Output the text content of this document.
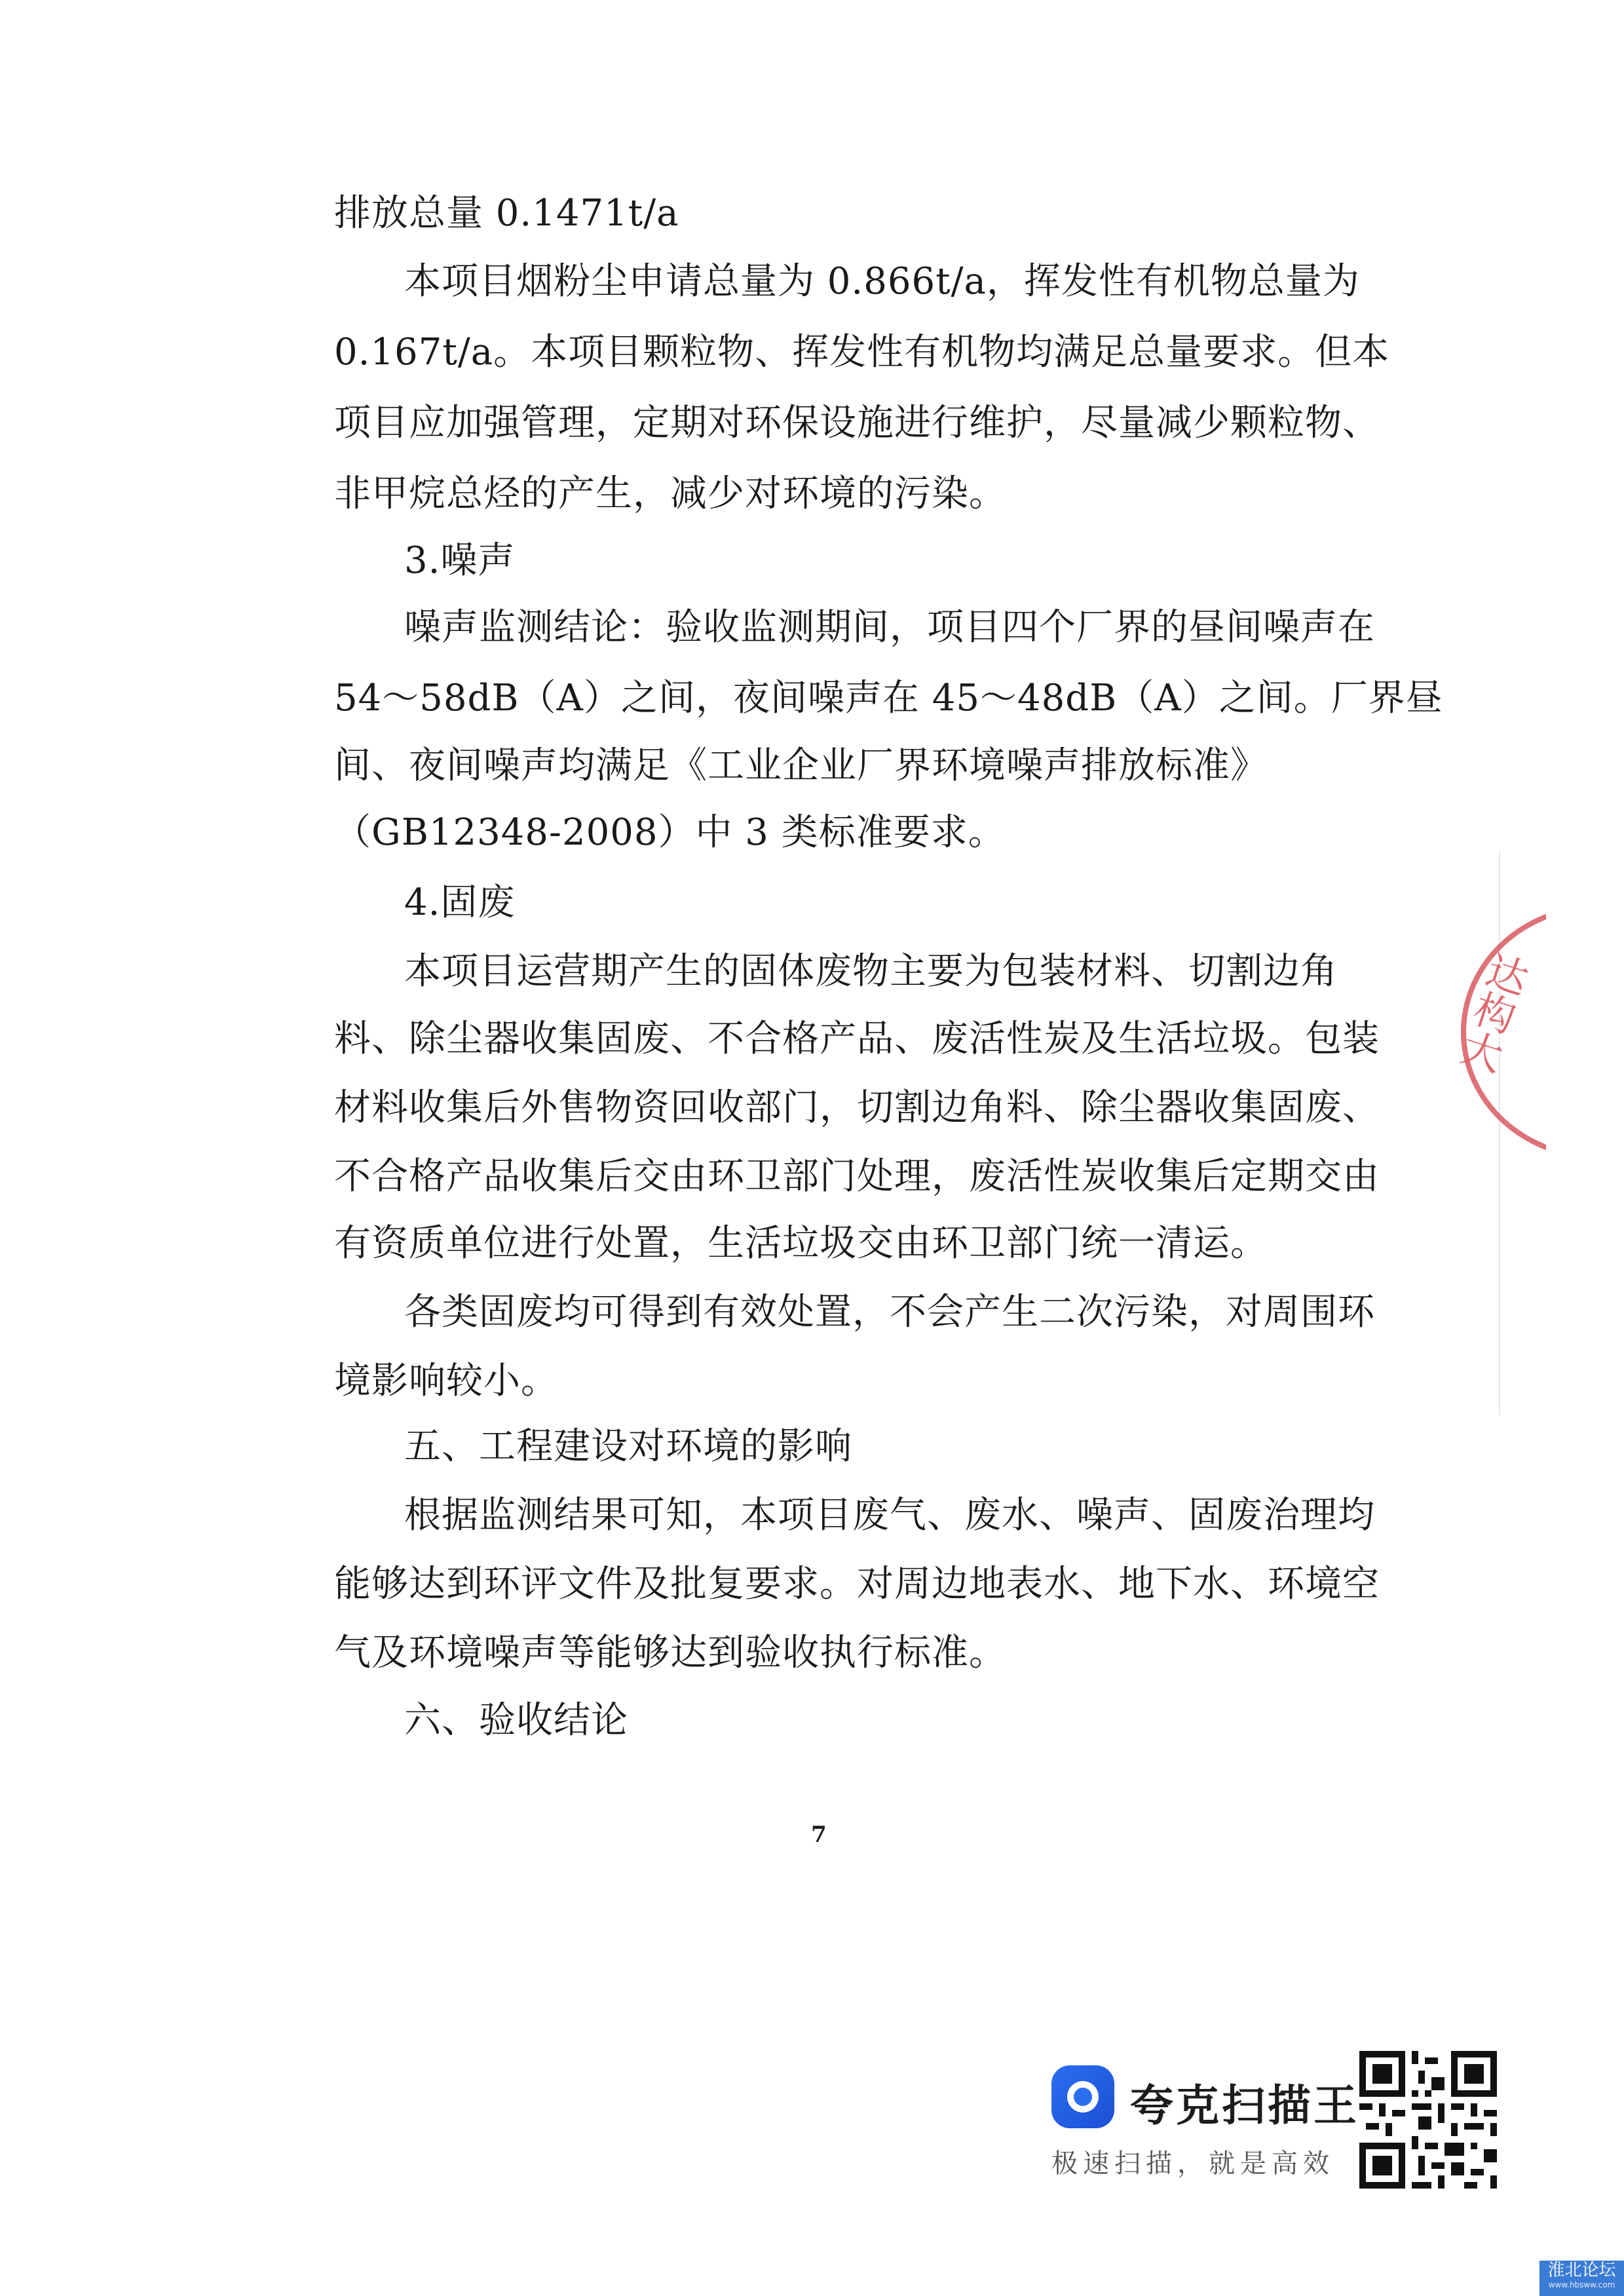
排放总量 0.1471t/a
本项目烟粉尘申请总量为 0.866t/a，挥发性有机物总量为
0.167t/a。本项目颗粒物、挥发性有机物均满足总量要求。但本
项目应加强管理，定期对环保设施进行维护，尽量减少颗粒物、
非甲烷总烃的产生，减少对环境的污染。
3.噪声
噪声监测结论：验收监测期间，项目四个厂界的昼间噪声在
54～58dB（A）之间，夜间噪声在 45～48dB（A）之间。厂界昼
间、夜间噪声均满足《工业企业厂界环境噪声排放标准》
（GB12348-2008）中 3 类标准要求。
4.固废
本项目运营期产生的固体废物主要为包装材料、切割边角
料、除尘器收集固废、不合格产品、废活性炭及生活垃圾。包装
材料收集后外售物资回收部门，切割边角料、除尘器收集固废、
不合格产品收集后交由环卫部门处理，废活性炭收集后定期交由
有资质单位进行处置，生活垃圾交由环卫部门统一清运。
各类固废均可得到有效处置，不会产生二次污染，对周围环
境影响较小。
五、工程建设对环境的影响
根据监测结果可知，本项目废气、废水、噪声、固废治理均
能够达到环评文件及批复要求。对周边地表水、地下水、环境空
气及环境噪声等能够达到验收执行标准。
六、验收结论
7
达构大
夸克扫描王
极速扫描，就是高效
淮北论坛
www.hbsww.com
